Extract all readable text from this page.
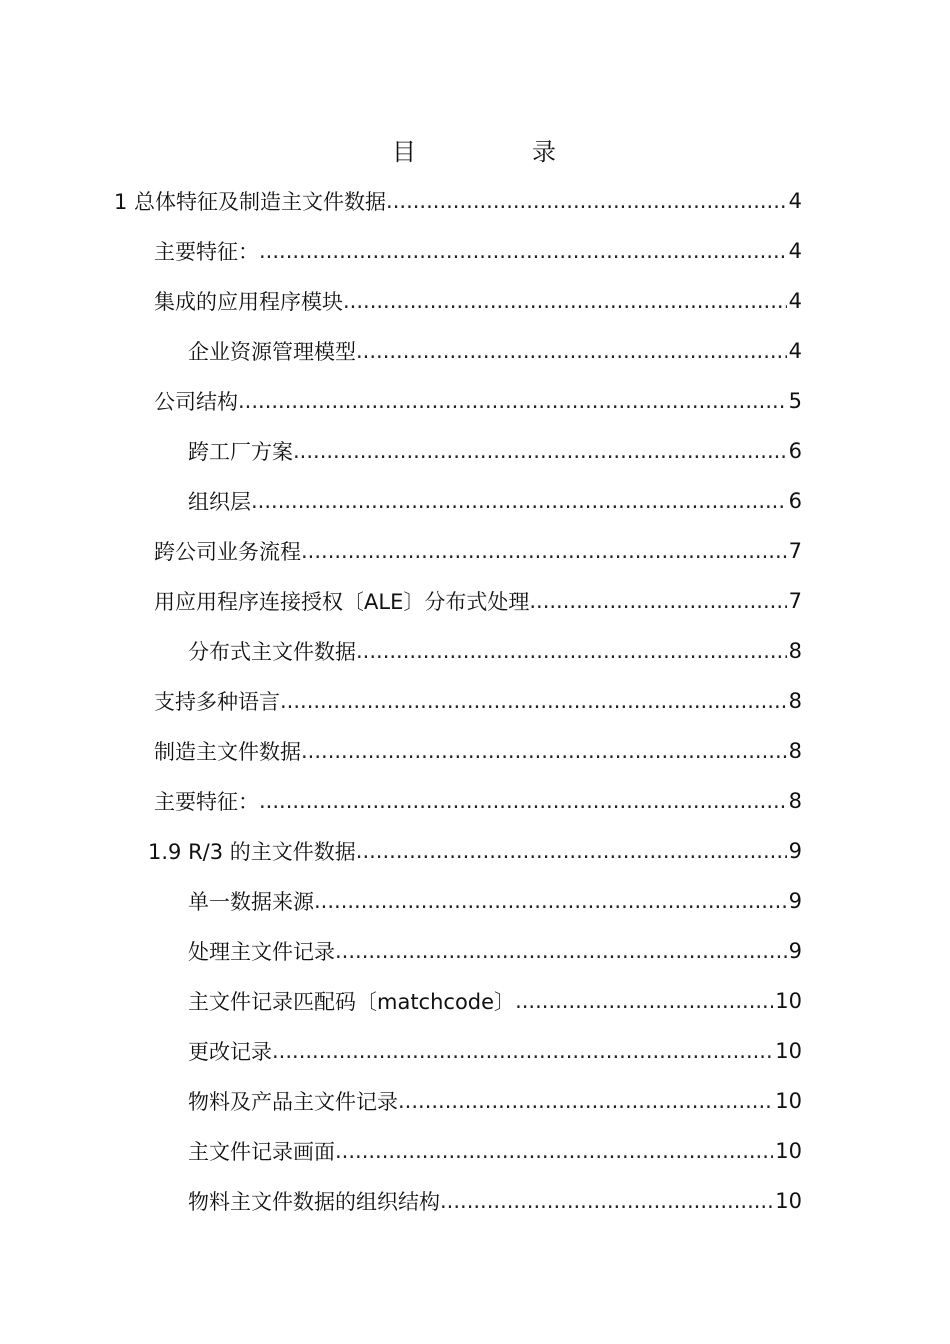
目	录
1 总体特征及制造主文件数据 .....	4
主要特征： .....	4
集成的应用程序模块 .....	4
企业资源管理模型 .....	4
公司结构 .....	5
跨工厂方案 .....	6
组织层 .....	6
跨公司业务流程 .....	7
用应用程序连接授权〔ALE〕分布式处理 .....	7
分布式主文件数据 .....	8
支持多种语言 .....	8
制造主文件数据 .....	8
主要特征： .....	8
1.9 R/3 的主文件数据 .....	9
单一数据来源 .....	9
处理主文件记录 .....	9
主文件记录匹配码〔matchcode〕 .....	10
更改记录 .....	10
物料及产品主文件记录 .....	10
主文件记录画面 .....	10
物料主文件数据的组织结构 .....	10
